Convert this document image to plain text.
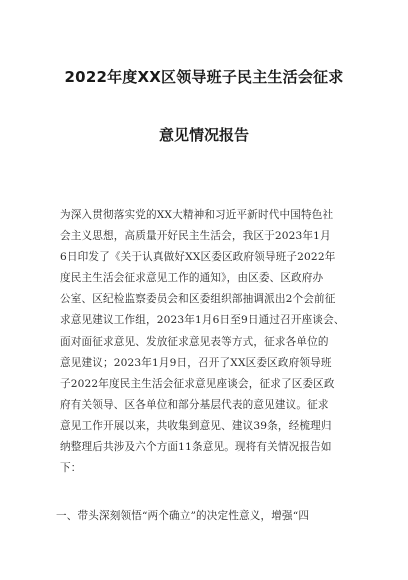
2022年度XX区领导班子民主生活会征求
意见情况报告
为深入贯彻落实党的XX大精神和习近平新时代中国特色社
会主义思想，高质量开好民主生活会，我区于2023年1月
6日印发了《关于认真做好XX区委区政府领导班子2022年
度民主生活会征求意见工作的通知》，由区委、区政府办
公室、区纪检监察委员会和区委组织部抽调派出2个会前征
求意见建议工作组，2023年1月6日至9日通过召开座谈会、
面对面征求意见、发放征求意见表等方式，征求各单位的
意见建议；2023年1月9日，召开了XX区委区政府领导班
子2022年度民主生活会征求意见座谈会，征求了区委区政
府有关领导、区各单位和部分基层代表的意见建议。征求
意见工作开展以来，共收集到意见、建议39条，经梳理归
纳整理后共涉及六个方面11条意见。现将有关情况报告如
下：
一、带头深刻领悟“两个确立”的决定性意义，增强“四
